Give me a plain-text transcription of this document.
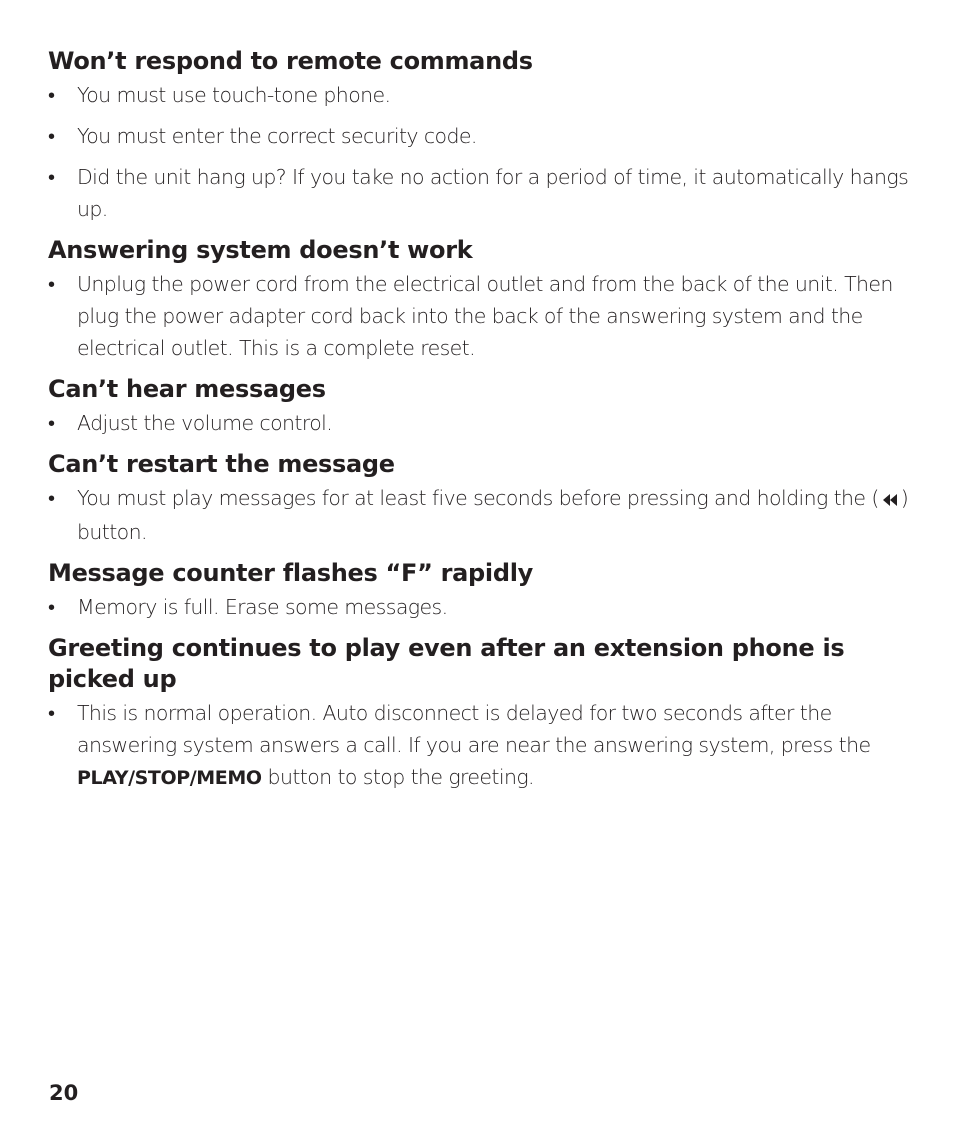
Won’t respond to remote commands
• You must use touch-tone phone.
• You must enter the correct security code.
• Did the unit hang up? If you take no action for a period of time, it automatically hangs up.
Answering system doesn’t work
• Unplug the power cord from the electrical outlet and from the back of the unit. Then plug the power adapter cord back into the back of the answering system and the electrical outlet. This is a complete reset.
Can’t hear messages
• Adjust the volume control.
Can’t restart the message
• You must play messages for at least five seconds before pressing and holding the ( ) button.
Message counter flashes “F” rapidly
• Memory is full. Erase some messages.
Greeting continues to play even after an extension phone is picked up
• This is normal operation. Auto disconnect is delayed for two seconds after the answering system answers a call. If you are near the answering system, press the PLAY/STOP/MEMO button to stop the greeting.
20
